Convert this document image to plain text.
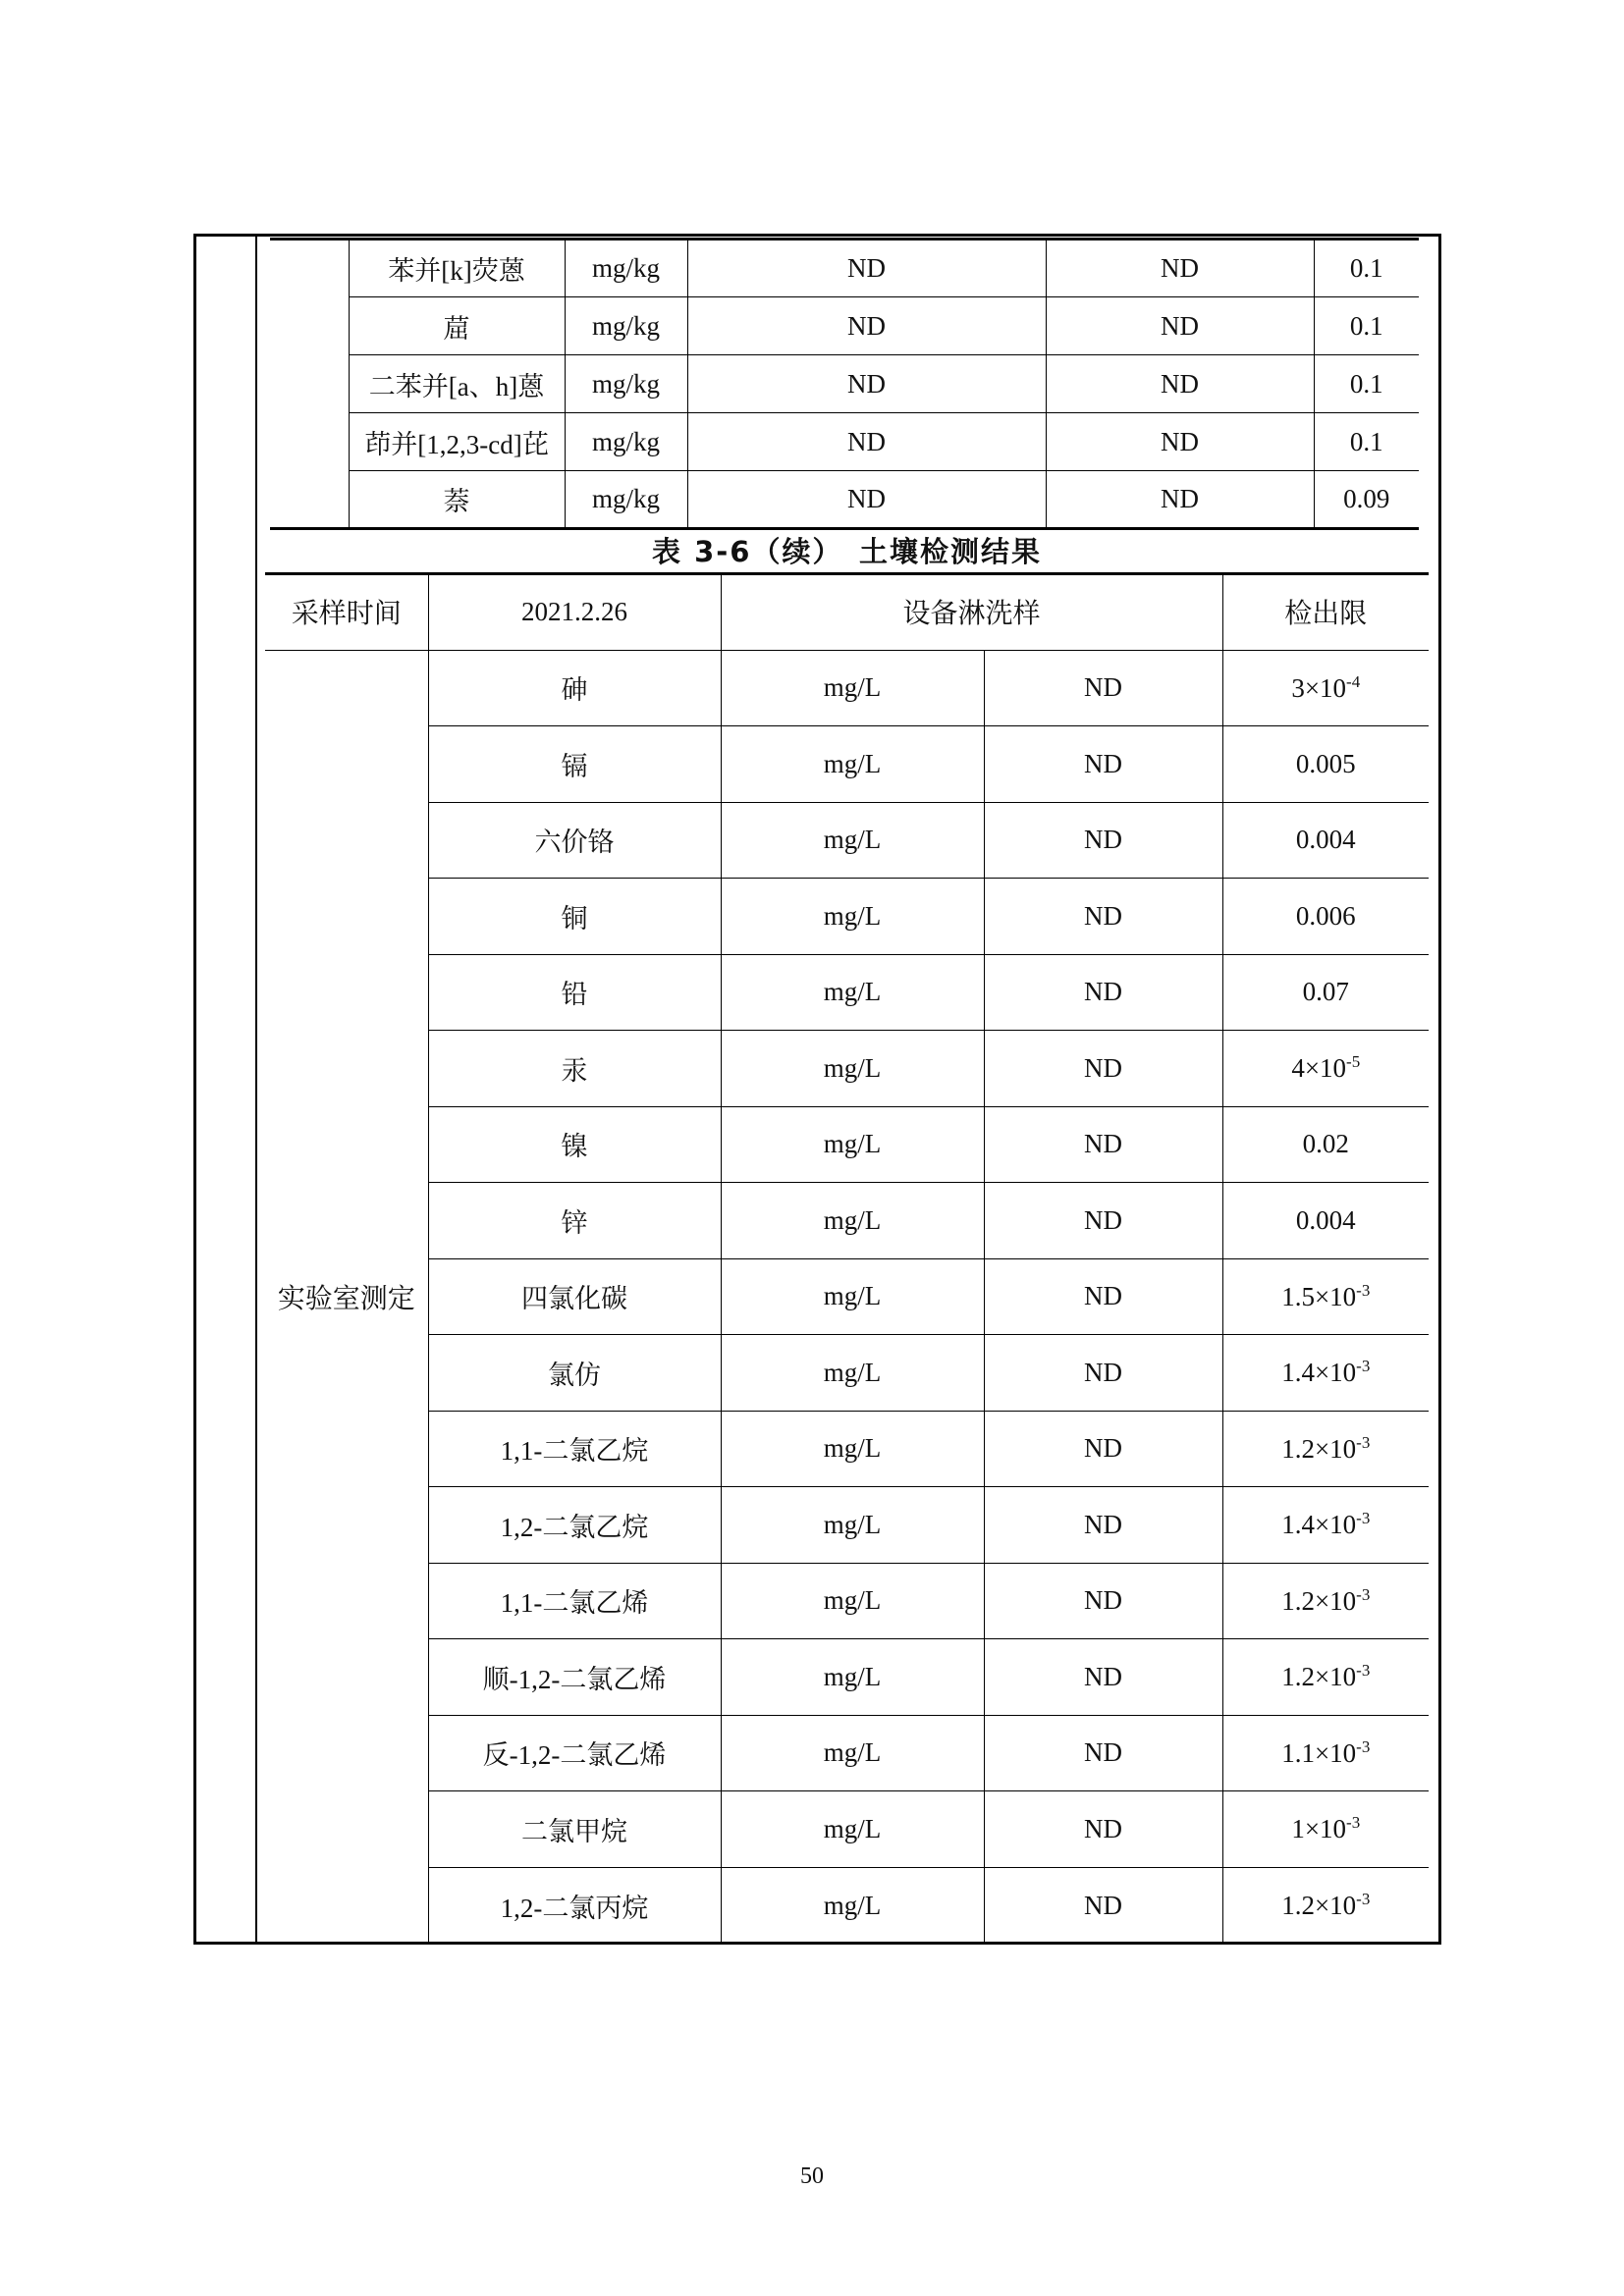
	苯并[k]荧蒽	mg/kg	ND	ND	0.1
	䓛	mg/kg	ND	ND	0.1
	二苯并[a、h]蒽	mg/kg	ND	ND	0.1
	茚并[1,2,3-cd]芘	mg/kg	ND	ND	0.1
	萘	mg/kg	ND	ND	0.09
表 3-6（续）　土壤检测结果
采样时间	2021.2.26	设备淋洗样		检出限
实验室测定	砷	mg/L	ND	$3\times 10^{-4}$
	镉	mg/L	ND	0.005
	六价铬	mg/L	ND	0.004
	铜	mg/L	ND	0.006
	铅	mg/L	ND	0.07
	汞	mg/L	ND	$4\times 10^{-5}$
	镍	mg/L	ND	0.02
	锌	mg/L	ND	0.004
	四氯化碳	mg/L	ND	$1.5\times 10^{-3}$
	氯仿	mg/L	ND	$1.4\times 10^{-3}$
	1,1-二氯乙烷	mg/L	ND	$1.2\times 10^{-3}$
	1,2-二氯乙烷	mg/L	ND	$1.4\times 10^{-3}$
	1,1-二氯乙烯	mg/L	ND	$1.2\times 10^{-3}$
	顺-1,2-二氯乙烯	mg/L	ND	$1.2\times 10^{-3}$
	反-1,2-二氯乙烯	mg/L	ND	$1.1\times 10^{-3}$
	二氯甲烷	mg/L	ND	$1\times 10^{-3}$
	1,2-二氯丙烷	mg/L	ND	$1.2\times 10^{-3}$
50
